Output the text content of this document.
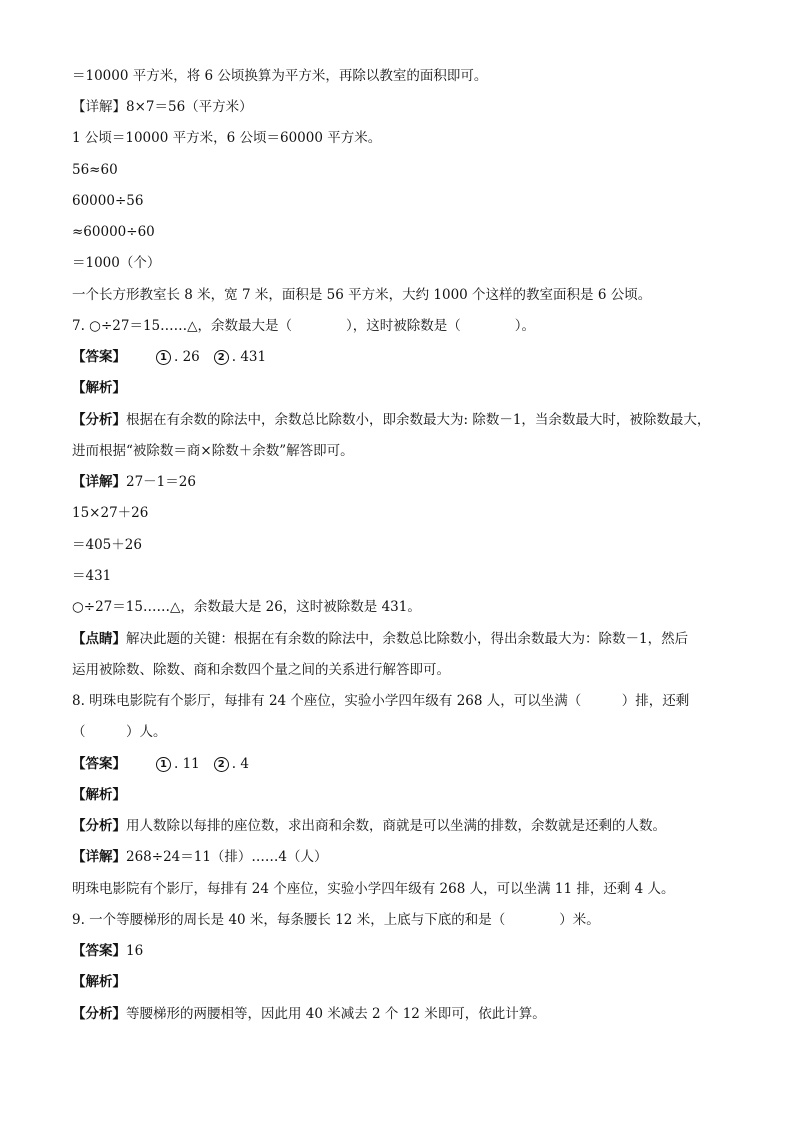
＝10000 平方米，将 6 公顷换算为平方米，再除以教室的面积即可。
【详解】8×7＝56（平方米）
1 公顷＝10000 平方米，6 公顷＝60000 平方米。
56≈60
60000÷56
≈60000÷60
＝1000（个）
一个长方形教室长 8 米，宽 7 米，面积是 56 平方米，大约 1000 个这样的教室面积是 6 公顷。
7. ○÷27＝15……△，余数最大是（　　　　），这时被除数是（　　　　）。
【答案】	1 . 26 2 . 431
【解析】
【分析】根据在有余数的除法中，余数总比除数小，即余数最大为: 除数－1，当余数最大时，被除数最大，
进而根据“被除数＝商×除数＋余数”解答即可。
【详解】27－1＝26
15×27＋26
＝405＋26
＝431
○÷27＝15……△，余数最大是 26，这时被除数是 431。
【点睛】解决此题的关键：根据在有余数的除法中，余数总比除数小，得出余数最大为：除数－1，然后
运用被除数、除数、商和余数四个量之间的关系进行解答即可。
8. 明珠电影院有个影厅，每排有 24 个座位，实验小学四年级有 268 人，可以坐满（　　　）排，还剩
（　　　）人。
【答案】	1 . 11 2 . 4
【解析】
【分析】用人数除以每排的座位数，求出商和余数，商就是可以坐满的排数，余数就是还剩的人数。
【详解】268÷24＝11（排）……4（人）
明珠电影院有个影厅，每排有 24 个座位，实验小学四年级有 268 人，可以坐满 11 排，还剩 4 人。
9. 一个等腰梯形的周长是 40 米，每条腰长 12 米，上底与下底的和是（　　　　）米。
【答案】16
【解析】
【分析】等腰梯形的两腰相等，因此用 40 米减去 2 个 12 米即可，依此计算。
